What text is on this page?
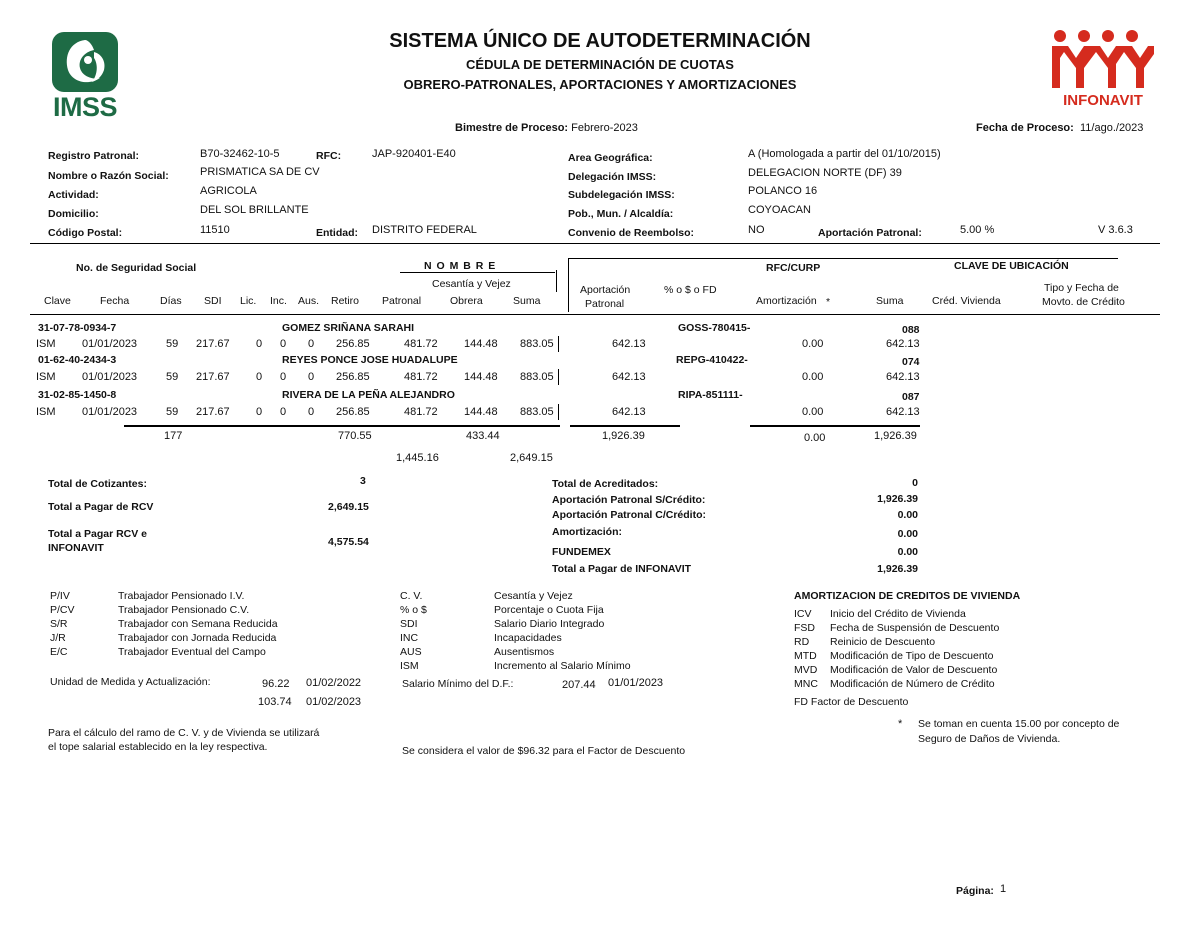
IMSS	INFONAVIT
SISTEMA ÚNICO DE AUTODETERMINACIÓN
CÉDULA DE DETERMINACIÓN DE CUOTAS
OBRERO-PATRONALES, APORTACIONES Y AMORTIZACIONES
Bimestre de Proceso: Febrero-2023	Fecha de Proceso: 11/ago./2023
Registro Patronal:	B70-32462-10-5	RFC:	JAP-920401-E40
Nombre o Razón Social:	PRISMATICA SA DE CV
Actividad:	AGRICOLA
Domicilio:	DEL SOL BRILLANTE
Código Postal:	11510	Entidad: DISTRITO FEDERAL
Area Geográfica:	A (Homologada a partir del 01/10/2015)
Delegación IMSS:	DELEGACION NORTE (DF) 39
Subdelegación IMSS:	POLANCO 16
Pob., Mun. / Alcaldía:	COYOACAN
Convenio de Reembolso:	NO	Aportación Patronal:	5.00 %	V 3.6.3
No. de Seguridad Social	N O M B R E	RFC/CURP	CLAVE DE UBICACIÓN
Cesantía y Vejez	Aportación
Patronal
% o $ o FD	Tipo y Fecha de
Movto. de Crédito
Clave	Fecha	Días SDI Lic. Inc. Aus. Retiro Patronal	Obrera	Suma	Amortización *	Suma	Créd. Vivienda
31-07-78-0934-7	GOMEZ SRIÑANA SARAHI	GOSS-780415-	088
ISM 01/01/2023	59 217.67 0 0 0 256.85	481.72 144.48 883.05	642.13	0.00	642.13
01-62-40-2434-3	REYES PONCE JOSE HUADALUPE	REPG-410422-	074
ISM 01/01/2023	59 217.67 0 0 0 256.85	481.72 144.48 883.05	642.13	0.00	642.13
31-02-85-1450-8	RIVERA DE LA PEÑA ALEJANDRO	RIPA-851111-	087
ISM 01/01/2023	59 217.67 0 0 0 256.85	481.72 144.48 883.05	642.13	0.00	642.13
177	770.55	433.44	1,926.39	0.00	1,926.39
1,445.16	2,649.15
Total de Cotizantes:	3
Total a Pagar de RCV	2,649.15
Total a Pagar RCV e
INFONAVIT	4,575.54
Total de Acreditados:	0
Aportación Patronal S/Crédito:	1,926.39
Aportación Patronal C/Crédito:	0.00
Amortización:	0.00
FUNDEMEX	0.00
Total a Pagar de INFONAVIT	1,926.39
P/IV	Trabajador Pensionado I.V.
P/CV	Trabajador Pensionado C.V.
S/R	Trabajador con Semana Reducida
J/R	Trabajador con Jornada Reducida
E/C	Trabajador Eventual del Campo
C. V.	Cesantía y Vejez
% o $	Porcentaje o Cuota Fija
SDI	Salario Diario Integrado
INC	Incapacidades
AUS	Ausentismos
ISM	Incremento al Salario Mínimo
AMORTIZACION DE CREDITOS DE VIVIENDA
ICV Inicio del Crédito de Vivienda
FSD Fecha de Suspensión de Descuento
RD Reinicio de Descuento
MTD Modificación de Tipo de Descuento
MVD Modificación de Valor de Descuento
MNC Modificación de Número de Crédito
FD Factor de Descuento
Unidad de Medida y Actualización:	96.22 01/02/2022
103.74 01/02/2023
Salario Mínimo del D.F.:	207.44 01/01/2023
Para el cálculo del ramo de C. V. y de Vivienda se utilizará
el tope salarial establecido en la ley respectiva.	Se considera el valor de $96.32 para el Factor de Descuento
* Se toman en cuenta 15.00 por concepto de
Seguro de Daños de Vivienda.
Página: 1
